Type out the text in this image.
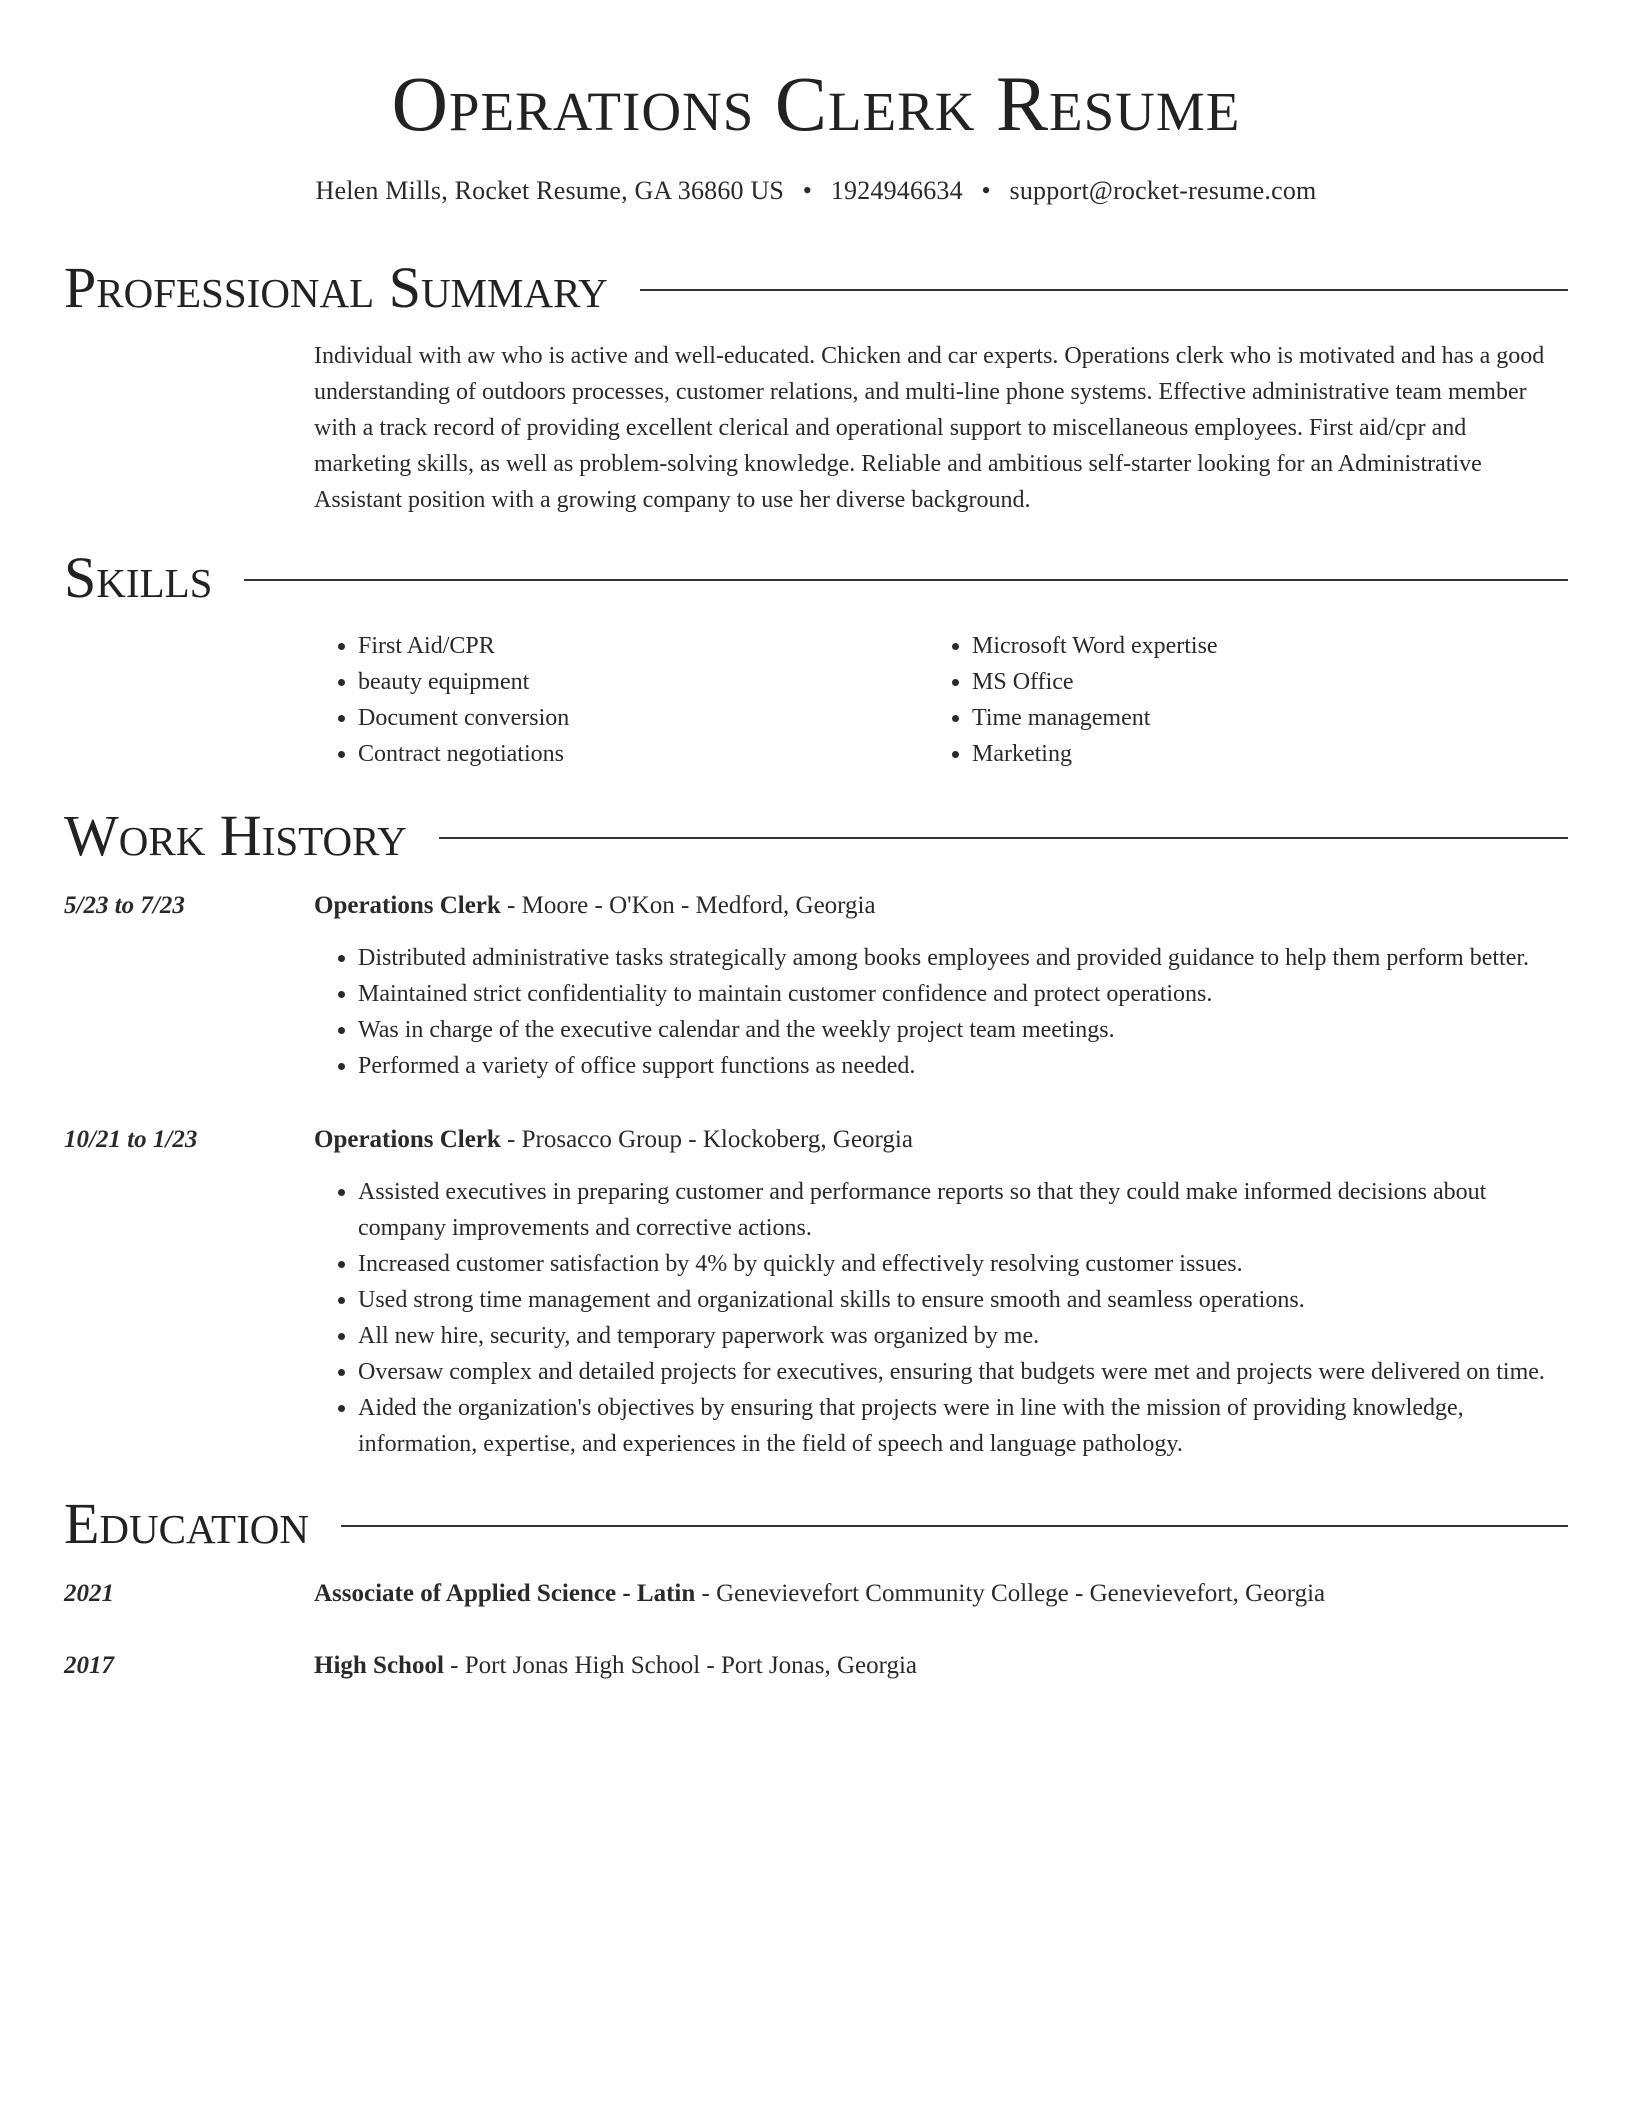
Operations Clerk Resume
Helen Mills, Rocket Resume, GA 36860 US • 1924946634 • support@rocket-resume.com
Professional Summary
Individual with aw who is active and well-educated. Chicken and car experts. Operations clerk who is motivated and has a good understanding of outdoors processes, customer relations, and multi-line phone systems. Effective administrative team member with a track record of providing excellent clerical and operational support to miscellaneous employees. First aid/cpr and marketing skills, as well as problem-solving knowledge. Reliable and ambitious self-starter looking for an Administrative Assistant position with a growing company to use her diverse background.
Skills
• First Aid/CPR
• beauty equipment
• Document conversion
• Contract negotiations
• Microsoft Word expertise
• MS Office
• Time management
• Marketing
Work History
5/23 to 7/23	Operations Clerk - Moore - O'Kon - Medford, Georgia
• Distributed administrative tasks strategically among books employees and provided guidance to help them perform better.
• Maintained strict confidentiality to maintain customer confidence and protect operations.
• Was in charge of the executive calendar and the weekly project team meetings.
• Performed a variety of office support functions as needed.
10/21 to 1/23	Operations Clerk - Prosacco Group - Klockoberg, Georgia
• Assisted executives in preparing customer and performance reports so that they could make informed decisions about company improvements and corrective actions.
• Increased customer satisfaction by 4% by quickly and effectively resolving customer issues.
• Used strong time management and organizational skills to ensure smooth and seamless operations.
• All new hire, security, and temporary paperwork was organized by me.
• Oversaw complex and detailed projects for executives, ensuring that budgets were met and projects were delivered on time.
• Aided the organization's objectives by ensuring that projects were in line with the mission of providing knowledge, information, expertise, and experiences in the field of speech and language pathology.
Education
2021	Associate of Applied Science - Latin - Genevievefort Community College - Genevievefort, Georgia
2017	High School - Port Jonas High School - Port Jonas, Georgia
